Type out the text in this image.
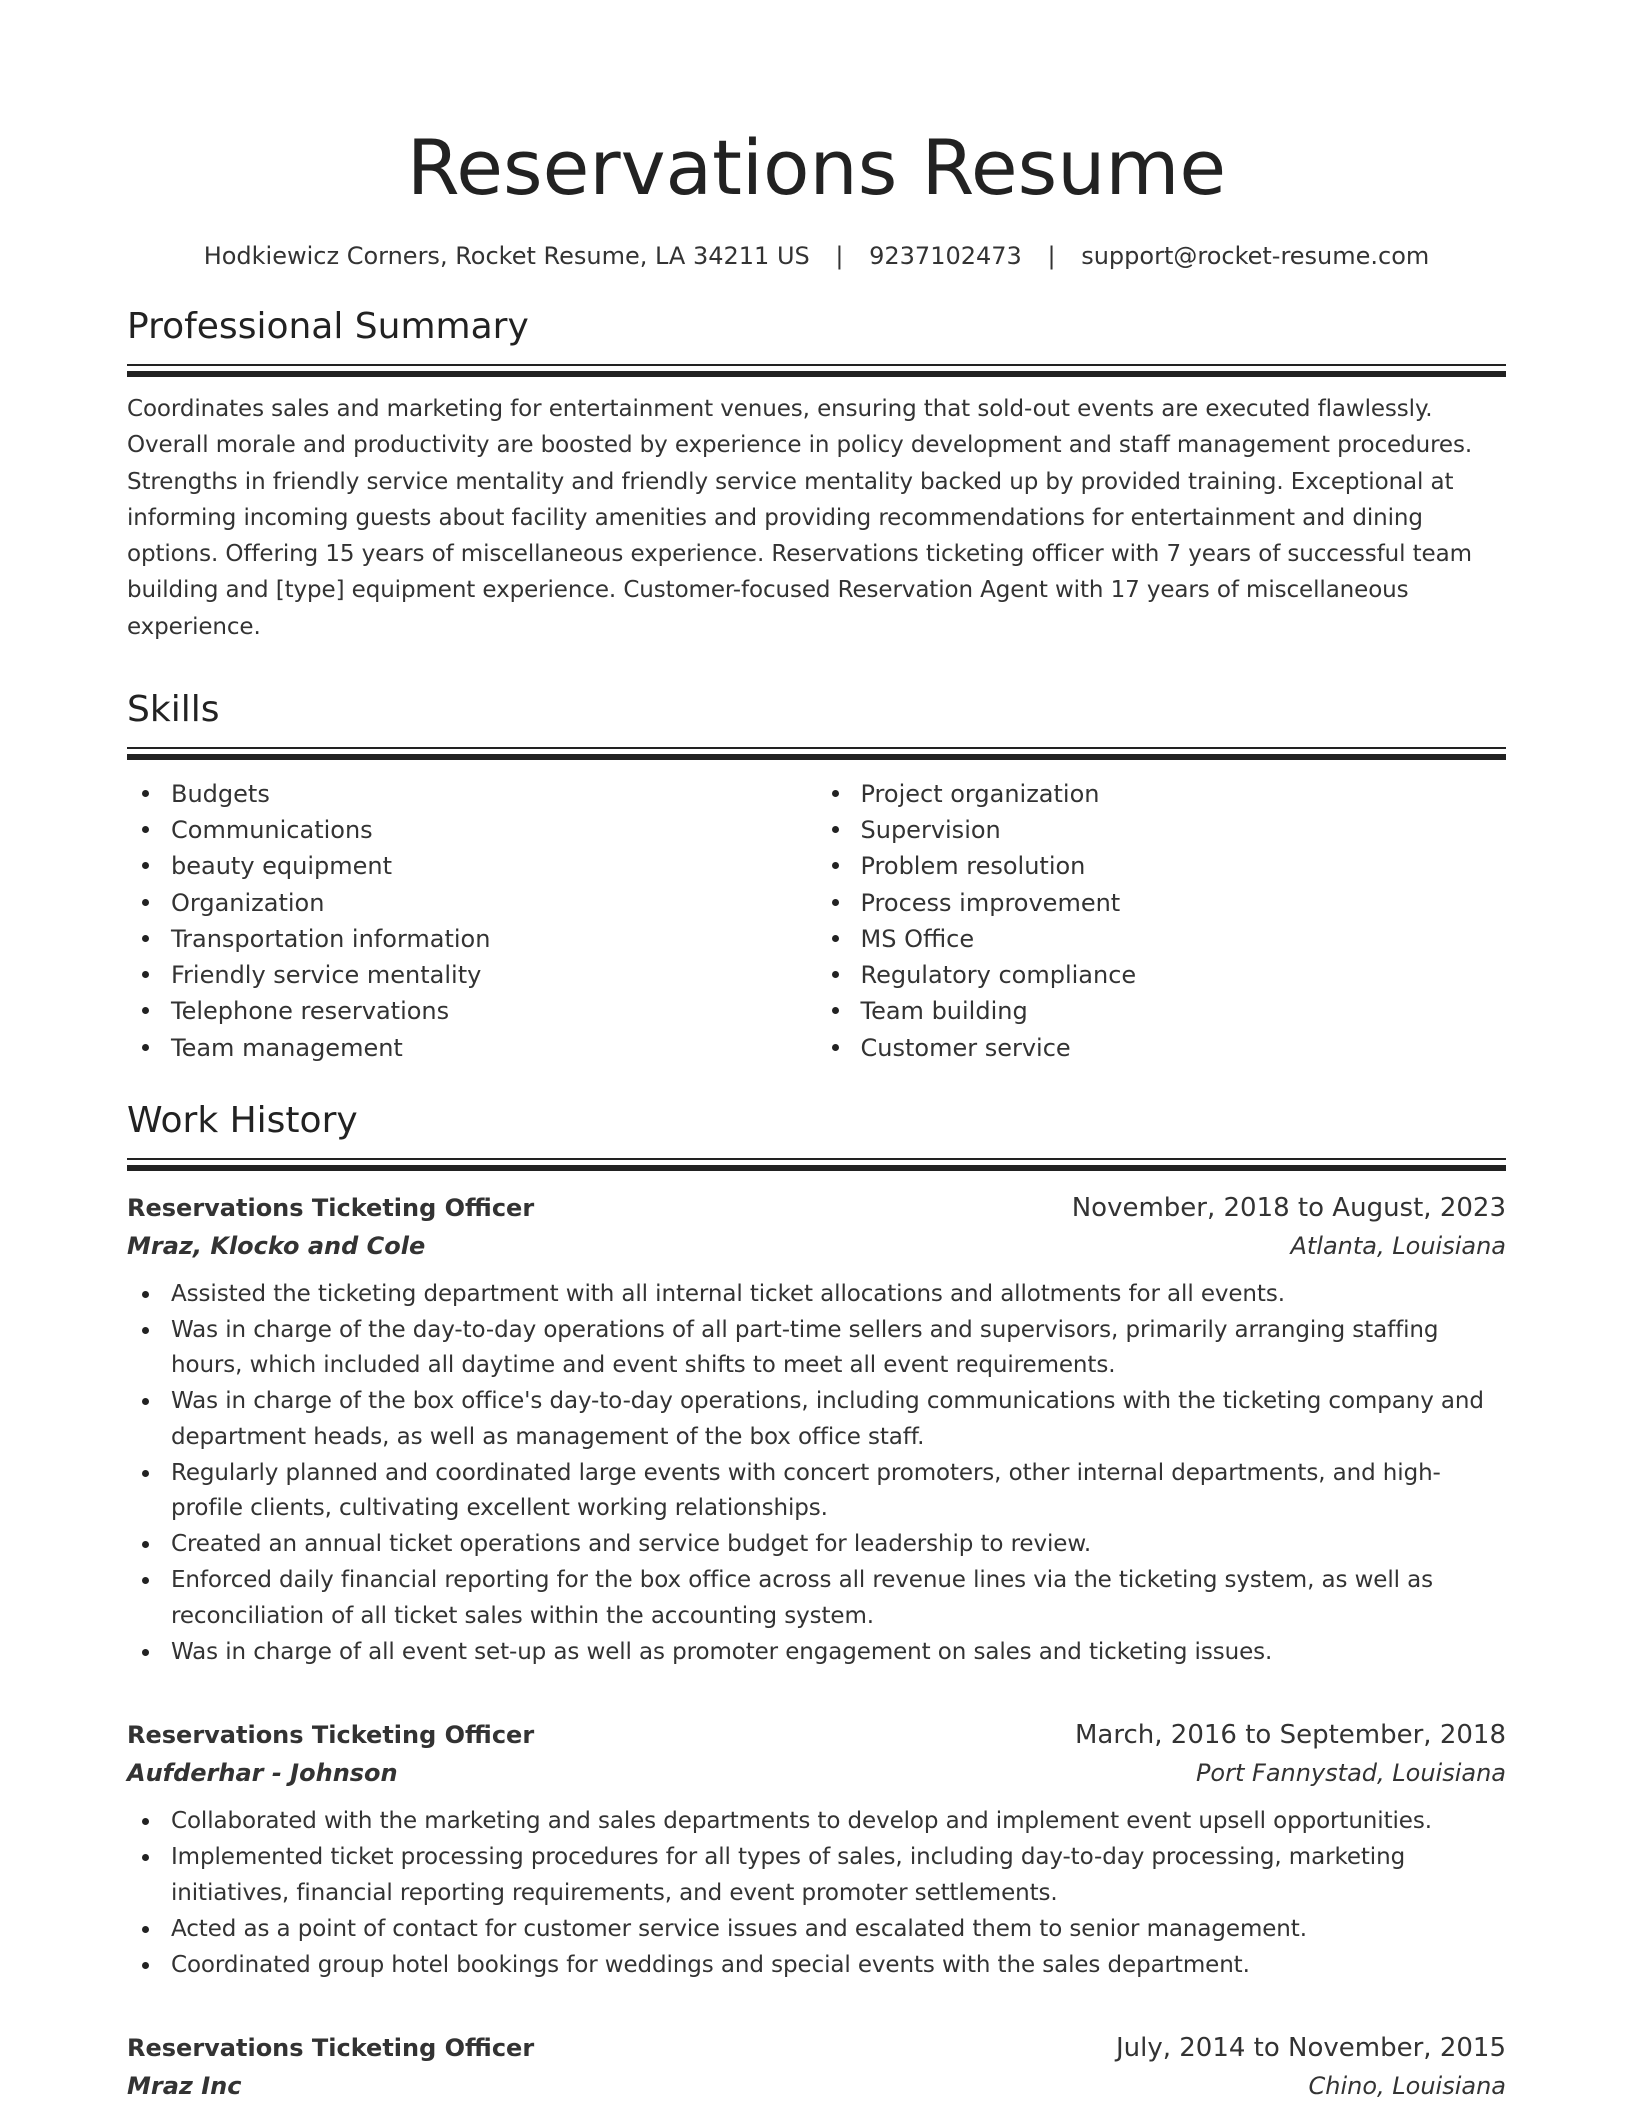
Reservations Resume
Hodkiewicz Corners, Rocket Resume, LA 34211 US | 9237102473 | support@rocket-resume.com
Professional Summary

Coordinates sales and marketing for entertainment venues, ensuring that sold-out events are executed flawlessly. Overall morale and productivity are boosted by experience in policy development and staff management procedures. Strengths in friendly service mentality and friendly service mentality backed up by provided training. Exceptional at informing incoming guests about facility amenities and providing recommendations for entertainment and dining options. Offering 15 years of miscellaneous experience. Reservations ticketing officer with 7 years of successful team building and [type] equipment experience. Customer-focused Reservation Agent with 17 years of miscellaneous experience.

Skills
Budgets
Communications
beauty equipment
Organization
Transportation information
Friendly service mentality
Telephone reservations
Team management
Project organization
Supervision
Problem resolution
Process improvement
MS Office
Regulatory compliance
Team building
Customer service
Work History
Reservations Ticketing Officer	November, 2018 to August, 2023
Mraz, Klocko and Cole	Atlanta, Louisiana
Assisted the ticketing department with all internal ticket allocations and allotments for all events.
Was in charge of the day-to-day operations of all part-time sellers and supervisors, primarily arranging staffing hours, which included all daytime and event shifts to meet all event requirements.
Was in charge of the box office's day-to-day operations, including communications with the ticketing company and department heads, as well as management of the box office staff.
Regularly planned and coordinated large events with concert promoters, other internal departments, and high-profile clients, cultivating excellent working relationships.
Created an annual ticket operations and service budget for leadership to review.
Enforced daily financial reporting for the box office across all revenue lines via the ticketing system, as well as reconciliation of all ticket sales within the accounting system.
Was in charge of all event set-up as well as promoter engagement on sales and ticketing issues.
Reservations Ticketing Officer	March, 2016 to September, 2018
Aufderhar - Johnson	Port Fannystad, Louisiana
Collaborated with the marketing and sales departments to develop and implement event upsell opportunities.
Implemented ticket processing procedures for all types of sales, including day-to-day processing, marketing initiatives, financial reporting requirements, and event promoter settlements.
Acted as a point of contact for customer service issues and escalated them to senior management.
Coordinated group hotel bookings for weddings and special events with the sales department.
Reservations Ticketing Officer	July, 2014 to November, 2015
Mraz Inc	Chino, Louisiana
